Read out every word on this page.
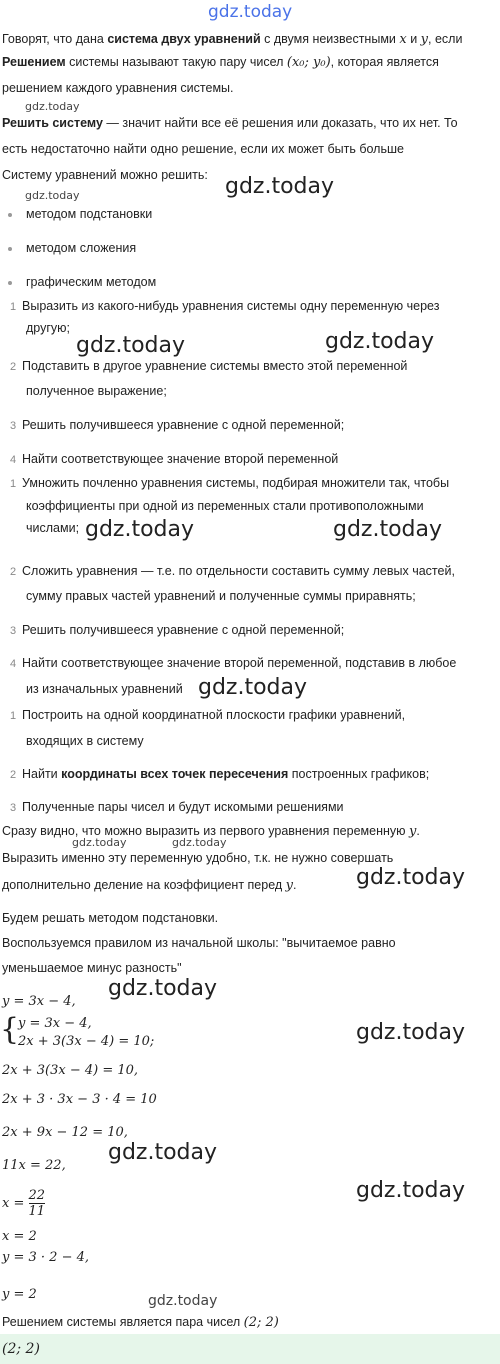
gdz.today
gdz.today
gdz.today	gdz.today
gdz.today	gdz.today
gdz.today	gdz.today
gdz.today
gdz.today	gdz.today
gdz.today
gdz.today
gdz.today
gdz.today
gdz.today
gdz.today
Говорят, что дана система двух уравнений с двумя неизвестными x и y, если
Решением системы называют такую пару чисел (x₀; y₀), которая является
решением каждого уравнения системы.
Решить систему — значит найти все её решения или доказать, что их нет. То
есть недостаточно найти одно решение, если их может быть больше
Систему уравнений можно решить:
методом подстановки
методом сложения
графическим методом
1 Выразить из какого-нибудь уравнения системы одну переменную через
другую;
2 Подставить в другое уравнение системы вместо этой переменной
полученное выражение;
3 Решить получившееся уравнение с одной переменной;
4 Найти соответствующее значение второй переменной
1 Умножить почленно уравнения системы, подбирая множители так, чтобы
коэффициенты при одной из переменных стали противоположными
числами;
2 Сложить уравнения — т.е. по отдельности составить сумму левых частей,
сумму правых частей уравнений и полученные суммы приравнять;
3 Решить получившееся уравнение с одной переменной;
4 Найти соответствующее значение второй переменной, подставив в любое
из изначальных уравнений
1 Построить на одной координатной плоскости графики уравнений,
входящих в систему
2 Найти координаты всех точек пересечения построенных графиков;
3 Полученные пары чисел и будут искомыми решениями
Сразу видно, что можно выразить из первого уравнения переменную y.
Выразить именно эту переменную удобно, т.к. не нужно совершать
дополнительно деление на коэффициент перед y.
Будем решать методом подстановки.
Воспользуемся правилом из начальной школы: "вычитаемое равно
уменьшаемое минус разность"
y = 3x − 4,
{
y = 3x − 4,
2x + 3(3x − 4) = 10;
2x + 3(3x − 4) = 10,
2x + 3 · 3x − 3 · 4 = 10
2x + 9x − 12 = 10,
11x = 22,
$x = \frac{22}{11}$
x = 2
y = 3 · 2 − 4,
y = 2
Решением системы является пара чисел (2; 2)
(2; 2)
